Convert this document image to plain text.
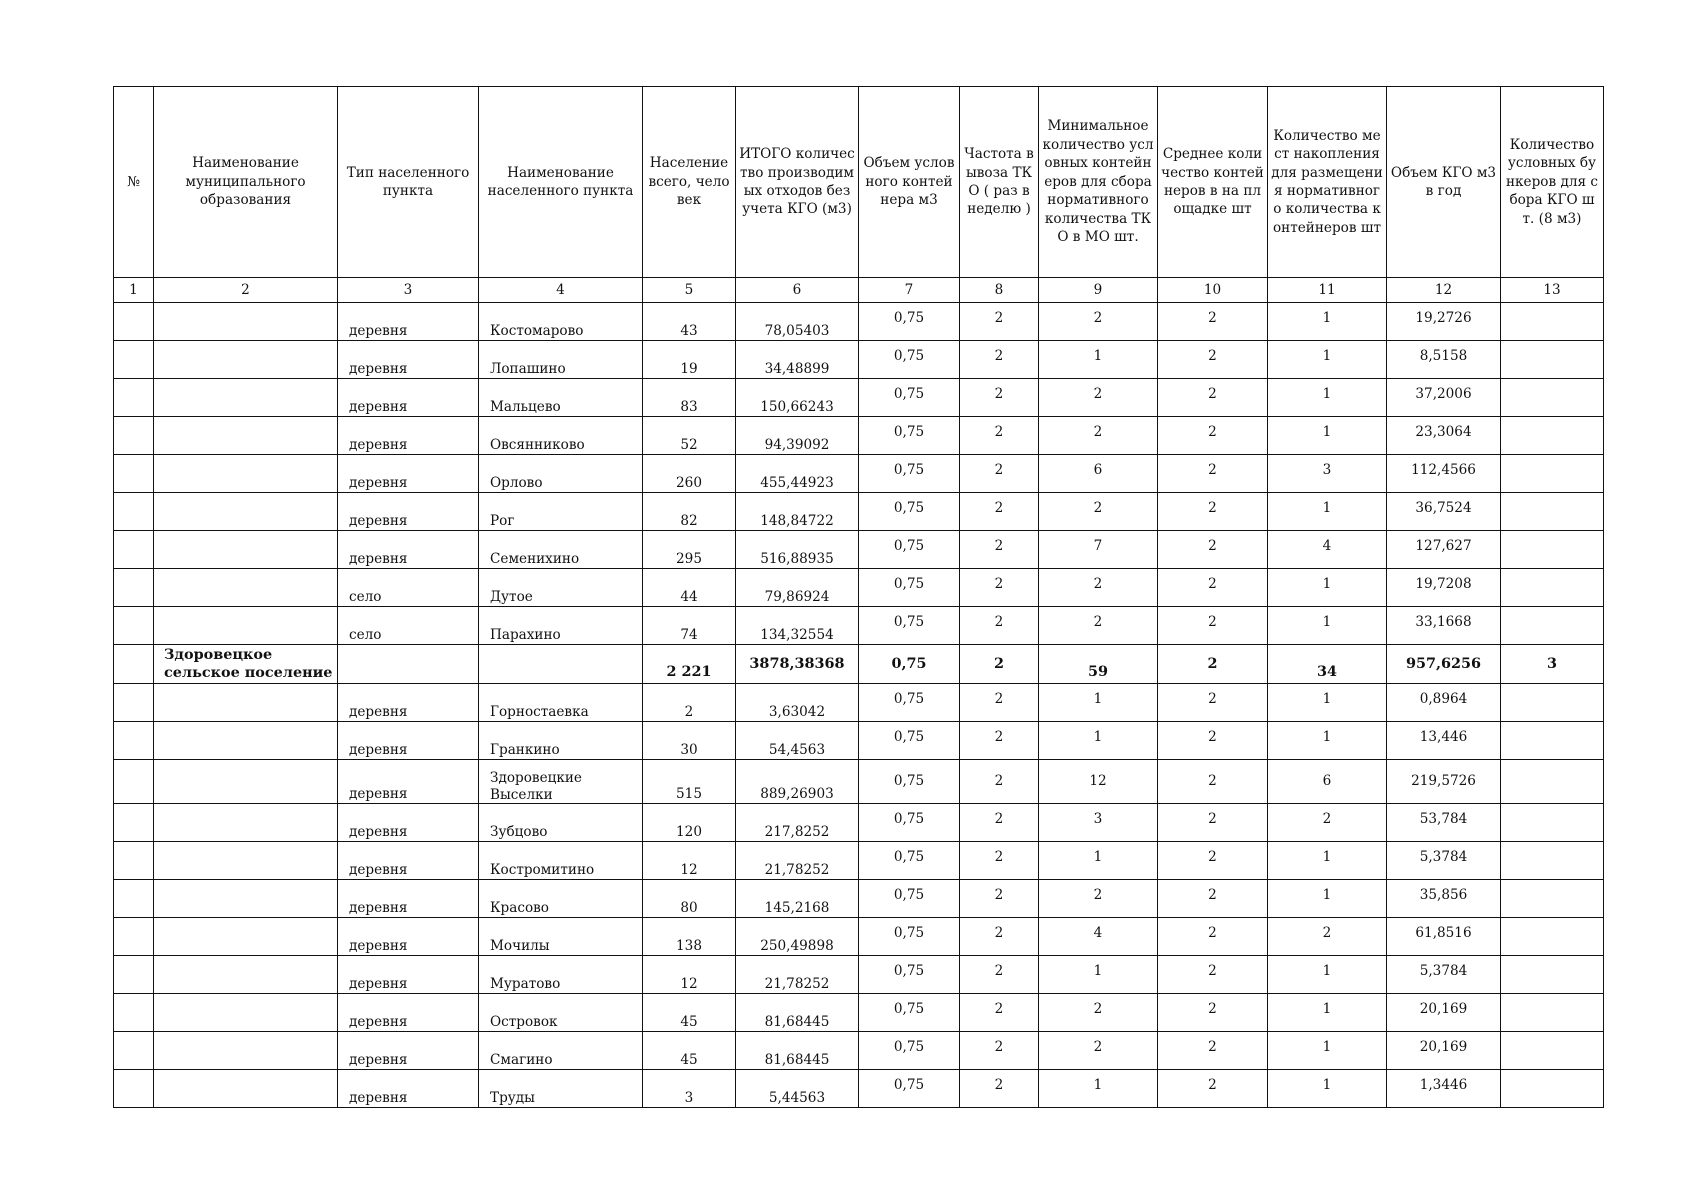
№	Наименование муниципального образования	Тип населенного пункта	Наименование населенного пункта	Население всего, человек	ИТОГО количество производимых отходов без учета КГО (м3)	Объем условного контейнера м3	Частота вывоза ТКО ( раз в неделю )	Минимальное количество условных контейнеров для сбора нормативного количества ТКО в МО шт.	Среднее количество контейнеров в на площадке шт	Количество мест накопления для размещения нормативного количества контейнеров шт	Объем КГО м3 в год	Количество условных бункеров для сбора КГО шт. (8 м3)
1	2	3	4	5	6	7	8	9	10	11	12	13
		деревня	Костомарово	43	78,05403	0,75	2	2	2	1	19,2726	
		деревня	Лопашино	19	34,48899	0,75	2	1	2	1	8,5158	
		деревня	Мальцево	83	150,66243	0,75	2	2	2	1	37,2006	
		деревня	Овсянниково	52	94,39092	0,75	2	2	2	1	23,3064	
		деревня	Орлово	260	455,44923	0,75	2	6	2	3	112,4566	
		деревня	Рог	82	148,84722	0,75	2	2	2	1	36,7524	
		деревня	Семенихино	295	516,88935	0,75	2	7	2	4	127,627	
		село	Дутое	44	79,86924	0,75	2	2	2	1	19,7208	
		село	Парахино	74	134,32554	0,75	2	2	2	1	33,1668	
	Здоровецкое сельское поселение			2 221	3878,38368	0,75	2	59	2	34	957,6256	3
		деревня	Горностаевка	2	3,63042	0,75	2	1	2	1	0,8964	
		деревня	Гранкино	30	54,4563	0,75	2	1	2	1	13,446	
		деревня	Здоровецкие Выселки	515	889,26903	0,75	2	12	2	6	219,5726	
		деревня	Зубцово	120	217,8252	0,75	2	3	2	2	53,784	
		деревня	Костромитино	12	21,78252	0,75	2	1	2	1	5,3784	
		деревня	Красово	80	145,2168	0,75	2	2	2	1	35,856	
		деревня	Мочилы	138	250,49898	0,75	2	4	2	2	61,8516	
		деревня	Муратово	12	21,78252	0,75	2	1	2	1	5,3784	
		деревня	Островок	45	81,68445	0,75	2	2	2	1	20,169	
		деревня	Смагино	45	81,68445	0,75	2	2	2	1	20,169	
		деревня	Труды	3	5,44563	0,75	2	1	2	1	1,3446	
